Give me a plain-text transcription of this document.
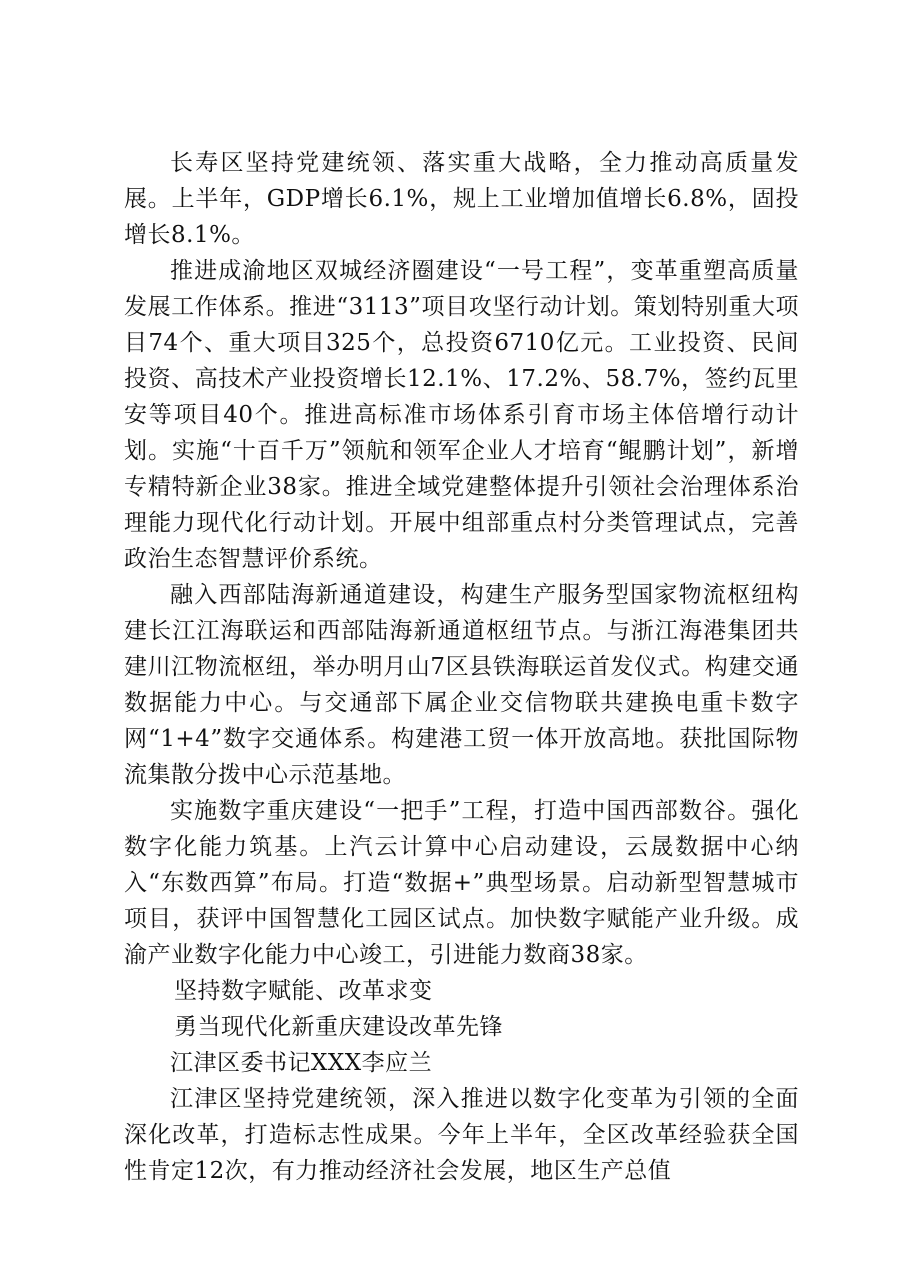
长寿区坚持党建统领、落实重大战略，全力推动高质量发展。上半年，GDP增长6.1%，规上工业增加值增长6.8%，固投增长8.1%。

推进成渝地区双城经济圈建设“一号工程”，变革重塑高质量发展工作体系。推进“3113”项目攻坚行动计划。策划特别重大项目74个、重大项目325个，总投资6710亿元。工业投资、民间投资、高技术产业投资增长12.1%、17.2%、58.7%，签约瓦里安等项目40个。推进高标准市场体系引育市场主体倍增行动计划。实施“十百千万”领航和领军企业人才培育“鲲鹏计划”，新增专精特新企业38家。推进全域党建整体提升引领社会治理体系治理能力现代化行动计划。开展中组部重点村分类管理试点，完善政治生态智慧评价系统。

融入西部陆海新通道建设，构建生产服务型国家物流枢纽构建长江江海联运和西部陆海新通道枢纽节点。与浙江海港集团共建川江物流枢纽，举办明月山7区县铁海联运首发仪式。构建交通数据能力中心。与交通部下属企业交信物联共建换电重卡数字网“1+4”数字交通体系。构建港工贸一体开放高地。获批国际物流集散分拨中心示范基地。

实施数字重庆建设“一把手”工程，打造中国西部数谷。强化数字化能力筑基。上汽云计算中心启动建设，云晟数据中心纳入“东数西算”布局。打造“数据+”典型场景。启动新型智慧城市项目，获评中国智慧化工园区试点。加快数字赋能产业升级。成渝产业数字化能力中心竣工，引进能力数商38家。

坚持数字赋能、改革求变

勇当现代化新重庆建设改革先锋

江津区委书记XXX李应兰

江津区坚持党建统领，深入推进以数字化变革为引领的全面深化改革，打造标志性成果。今年上半年，全区改革经验获全国性肯定12次，有力推动经济社会发展，地区生产总值
